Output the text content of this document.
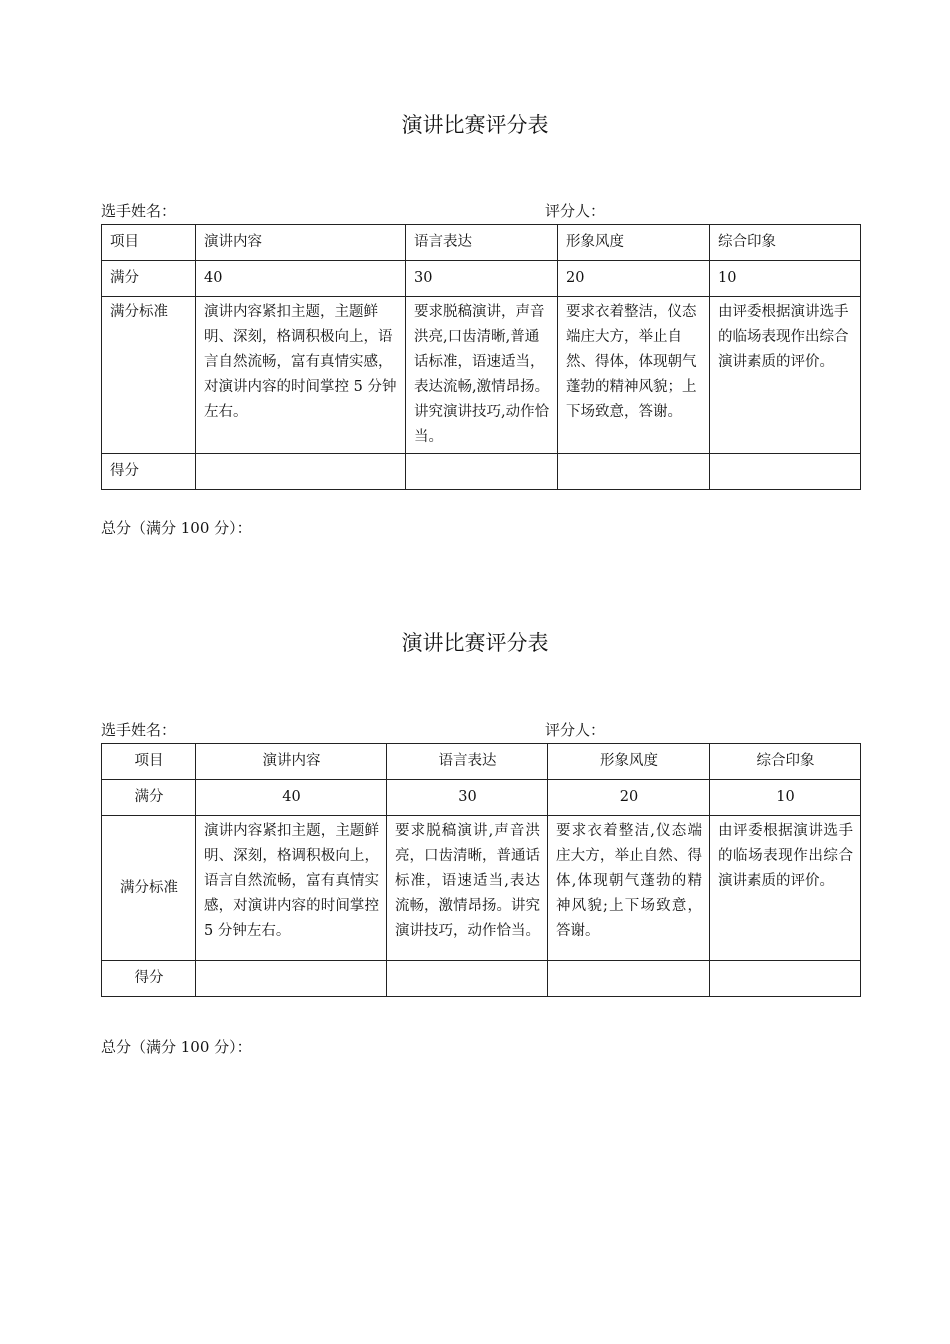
演讲比赛评分表
选手姓名：	评分人：
项目	演讲内容	语言表达	形象风度	综合印象
满分	40	30	20	10
满分标准	演讲内容紧扣主题，主题鲜明、深刻，格调积极向上，语言自然流畅，富有真情实感，对演讲内容的时间掌控 5 分钟左右。	要求脱稿演讲，声音洪亮,口齿清晰,普通话标准，语速适当，表达流畅,激情昂扬。讲究演讲技巧,动作恰当。	要求衣着整洁，仪态端庄大方，举止自然、得体，体现朝气蓬勃的精神风貌；上下场致意，答谢。	由评委根据演讲选手的临场表现作出综合演讲素质的评价。
得分				
总分（满分 100 分）：
演讲比赛评分表
选手姓名：	评分人：
项目	演讲内容	语言表达	形象风度	综合印象
满分	40	30	20	10
满分标准	演讲内容紧扣主题，主题鲜明、深刻，格调积极向上，语言自然流畅，富有真情实感，对演讲内容的时间掌控 5 分钟左右。	要求脱稿演讲,声音洪亮，口齿清晰，普通话标准，语速适当,表达流畅，激情昂扬。讲究演讲技巧，动作恰当。	要求衣着整洁,仪态端庄大方，举止自然、得体,体现朝气蓬勃的精神风貌;上下场致意，答谢。	由评委根据演讲选手的临场表现作出综合演讲素质的评价。
得分				
总分（满分 100 分）：
